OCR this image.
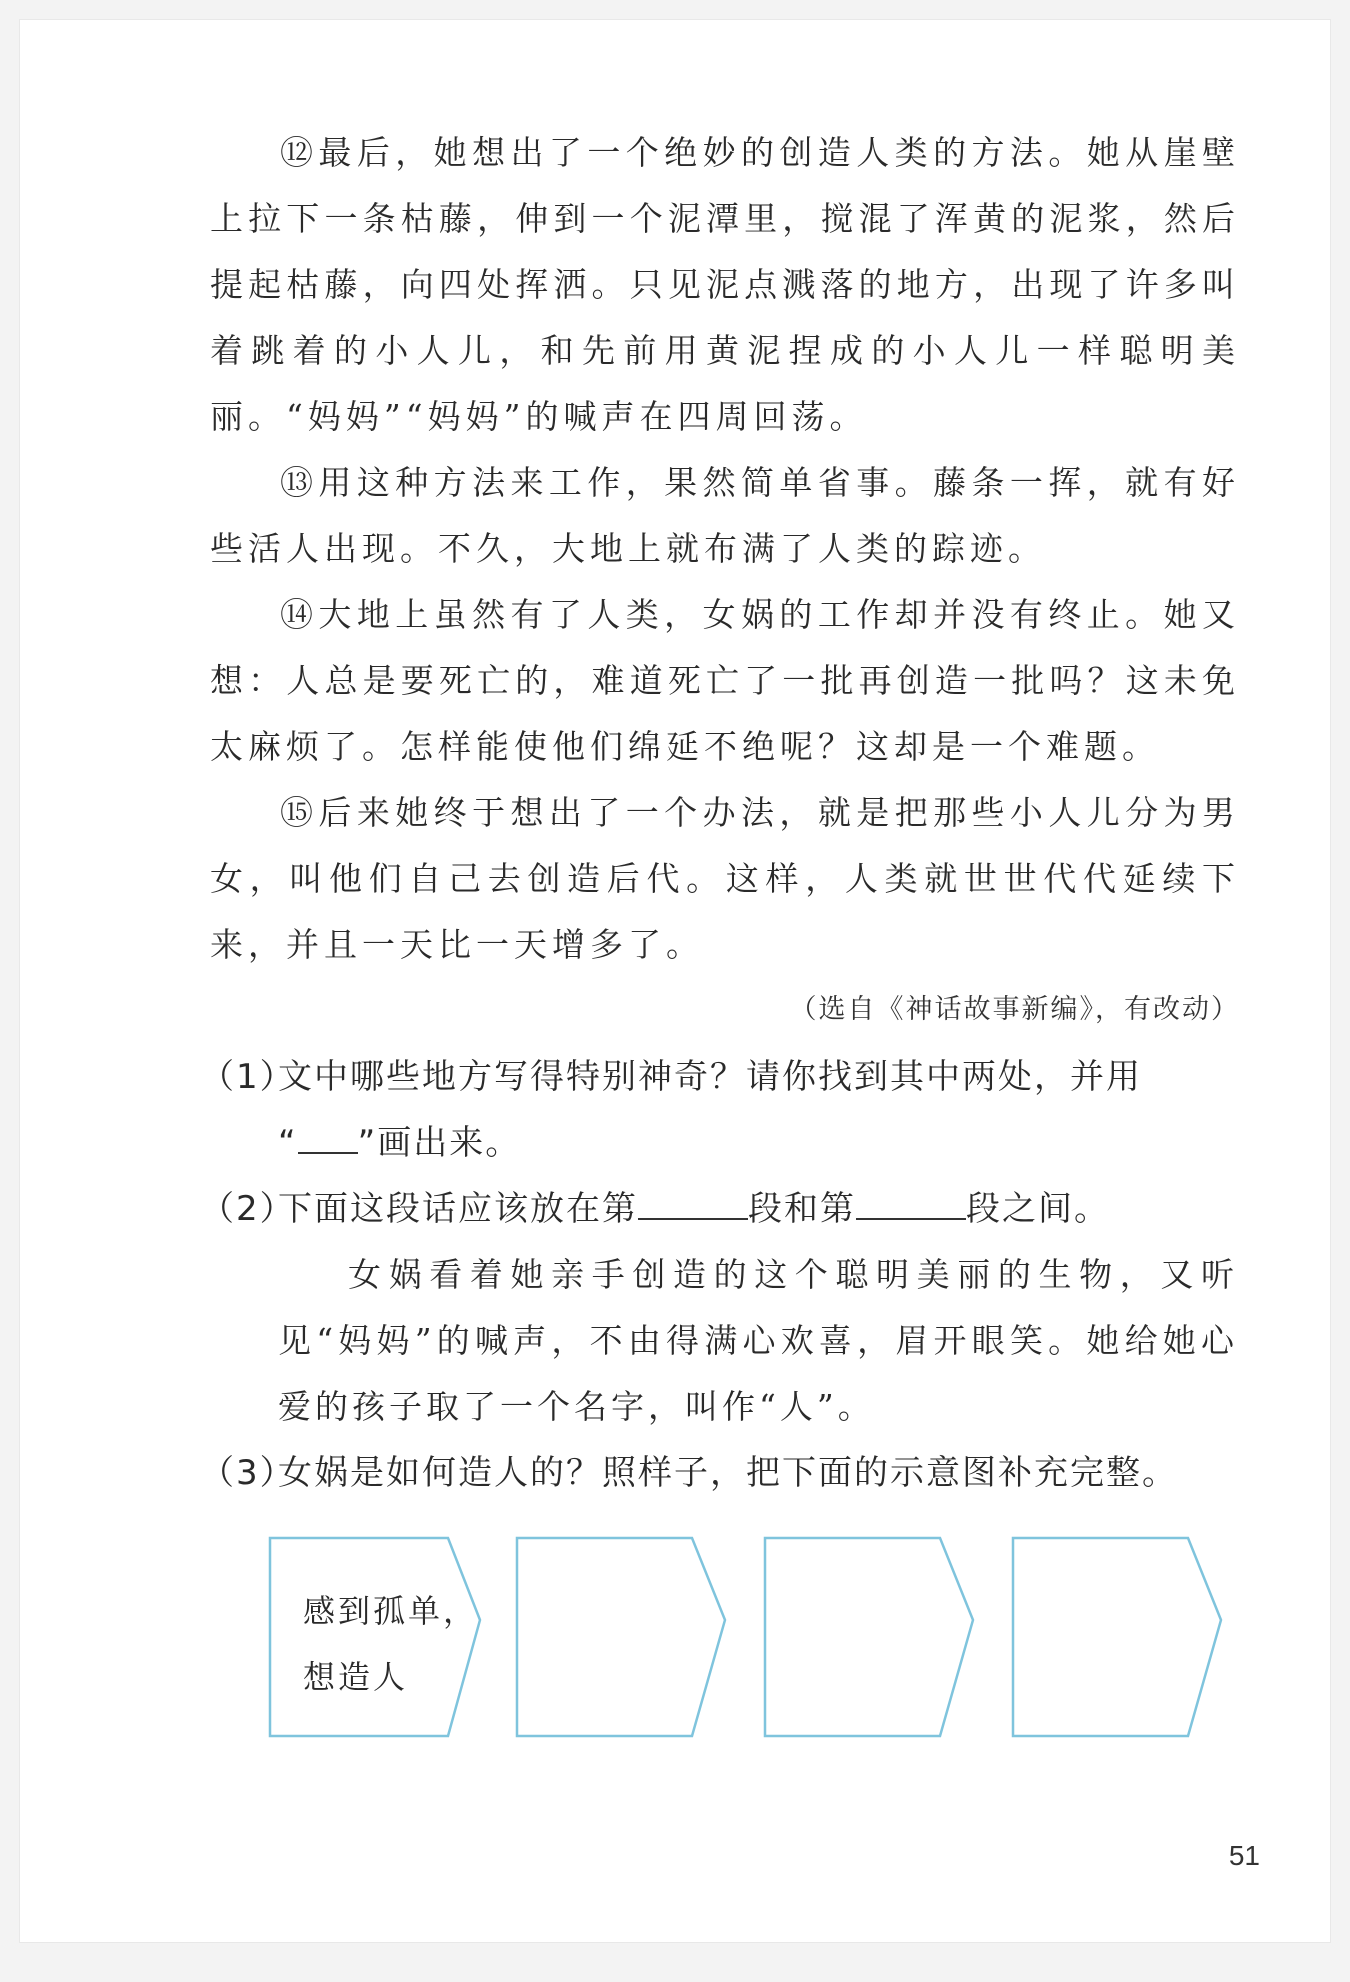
⑫最后，她想出了一个绝妙的创造人类的方法。她从崖壁上拉下一条枯藤，伸到一个泥潭里，搅混了浑黄的泥浆，然后提起枯藤，向四处挥洒。只见泥点溅落的地方，出现了许多叫着跳着的小人儿，和先前用黄泥捏成的小人儿一样聪明美丽。“妈妈”“妈妈”的喊声在四周回荡。
⑬用这种方法来工作，果然简单省事。藤条一挥，就有好些活人出现。不久，大地上就布满了人类的踪迹。
⑭大地上虽然有了人类，女娲的工作却并没有终止。她又想：人总是要死亡的，难道死亡了一批再创造一批吗？这未免太麻烦了。怎样能使他们绵延不绝呢？这却是一个难题。
⑮后来她终于想出了一个办法，就是把那些小人儿分为男女，叫他们自己去创造后代。这样，人类就世世代代延续下来，并且一天比一天增多了。
（选自《神话故事新编》，有改动）
（1）文中哪些地方写得特别神奇？请你找到其中两处，并用
“ ”画出来。
（2）下面这段话应该放在第	段和第	段之间。
女娲看着她亲手创造的这个聪明美丽的生物，又听见“妈妈”的喊声，不由得满心欢喜，眉开眼笑。她给她心爱的孩子取了一个名字，叫作“人”。
（3）女娲是如何造人的？照样子，把下面的示意图补充完整。
感到孤单，
想造人
51
